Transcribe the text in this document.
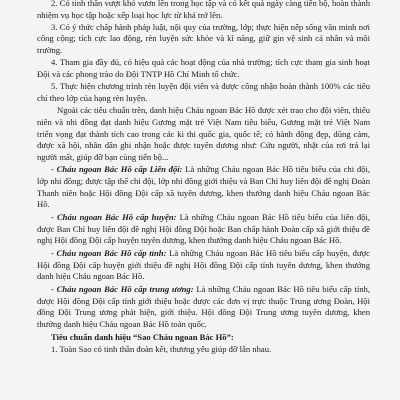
2. Có tinh thần vượt khó vươn lên trong học tập và có kết quả ngày càng tiến bộ, hoàn thành nhiệm vụ học tập hoặc xếp loại học lực từ khá trở lên.

3. Có ý thức chấp hành pháp luật, nội quy của trường, lớp; thực hiện nếp sống văn minh nơi công cộng; tích cực lao động, rèn luyện sức khỏe và kĩ năng, giữ gìn vệ sinh cá nhân và môi trường.

4. Tham gia đầy đủ, có hiệu quả các hoạt động của nhà trường; tích cực tham gia sinh hoạt Đội và các phong trào do Đội TNTP Hồ Chí Minh tổ chức.

5. Thực hiện chương trình rèn luyện đội viên và được công nhận hoàn thành 100% các tiêu chí theo lớp của hạng rèn luyện.

Ngoài các tiêu chuẩn trên, danh hiệu Cháu ngoan Bác Hồ được xét trao cho đội viên, thiếu niên và nhi đồng đạt danh hiệu Gương mặt trẻ Việt Nam tiêu biểu, Gương mặt trẻ Việt Nam triển vọng đạt thành tích cao trong các kì thi quốc gia, quốc tế; có hành động đẹp, dũng cảm, được xã hội, nhân dân ghi nhận hoặc được tuyên dương như: Cứu người, nhặt của rơi trả lại người mất, giúp đỡ bạn cùng tiến bộ...

- Cháu ngoan Bác Hồ cấp Liên đội: Là những Cháu ngoan Bác Hồ tiêu biểu của chi đội, lớp nhi đồng; được tập thể chi đội, lớp nhi đồng giới thiệu và Ban Chỉ huy liên đội đề nghị Đoàn Thanh niên hoặc Hội đồng Đội cấp xã tuyên dương, khen thưởng danh hiệu Cháu ngoan Bác Hồ.

- Cháu ngoan Bác Hồ cấp huyện: Là những Cháu ngoan Bác Hồ tiêu biểu của liên đội, được Ban Chỉ huy liên đội đề nghị Hội đồng Đội hoặc Ban chấp hành Đoàn cấp xã giới thiệu đề nghị Hội đồng Đội cấp huyện tuyên dương, khen thưởng danh hiệu Cháu ngoan Bác Hồ.

- Cháu ngoan Bác Hồ cấp tỉnh: Là những Cháu ngoan Bác Hồ tiêu biểu cấp huyện, được Hội đồng Đội cấp huyện giới thiệu đề nghị Hội đồng Đội cấp tỉnh tuyên dương, khen thưởng danh hiệu Cháu ngoan Bác Hồ.

- Cháu ngoan Bác Hồ cấp trung ương: Là những Cháu ngoan Bác Hồ tiêu biểu cấp tỉnh, được Hội đồng Đội cấp tỉnh giới thiệu hoặc được các đơn vị trực thuộc Trung ương Đoàn, Hội đồng Đội Trung ương phát hiện, giới thiệu. Hội đồng Đội Trung ương tuyên dương, khen thưởng danh hiệu Cháu ngoan Bác Hồ toàn quốc.

Tiêu chuẩn danh hiệu “Sao Cháu ngoan Bác Hồ”:

1. Toàn Sao có tinh thần đoàn kết, thương yêu giúp đỡ lẫn nhau.
